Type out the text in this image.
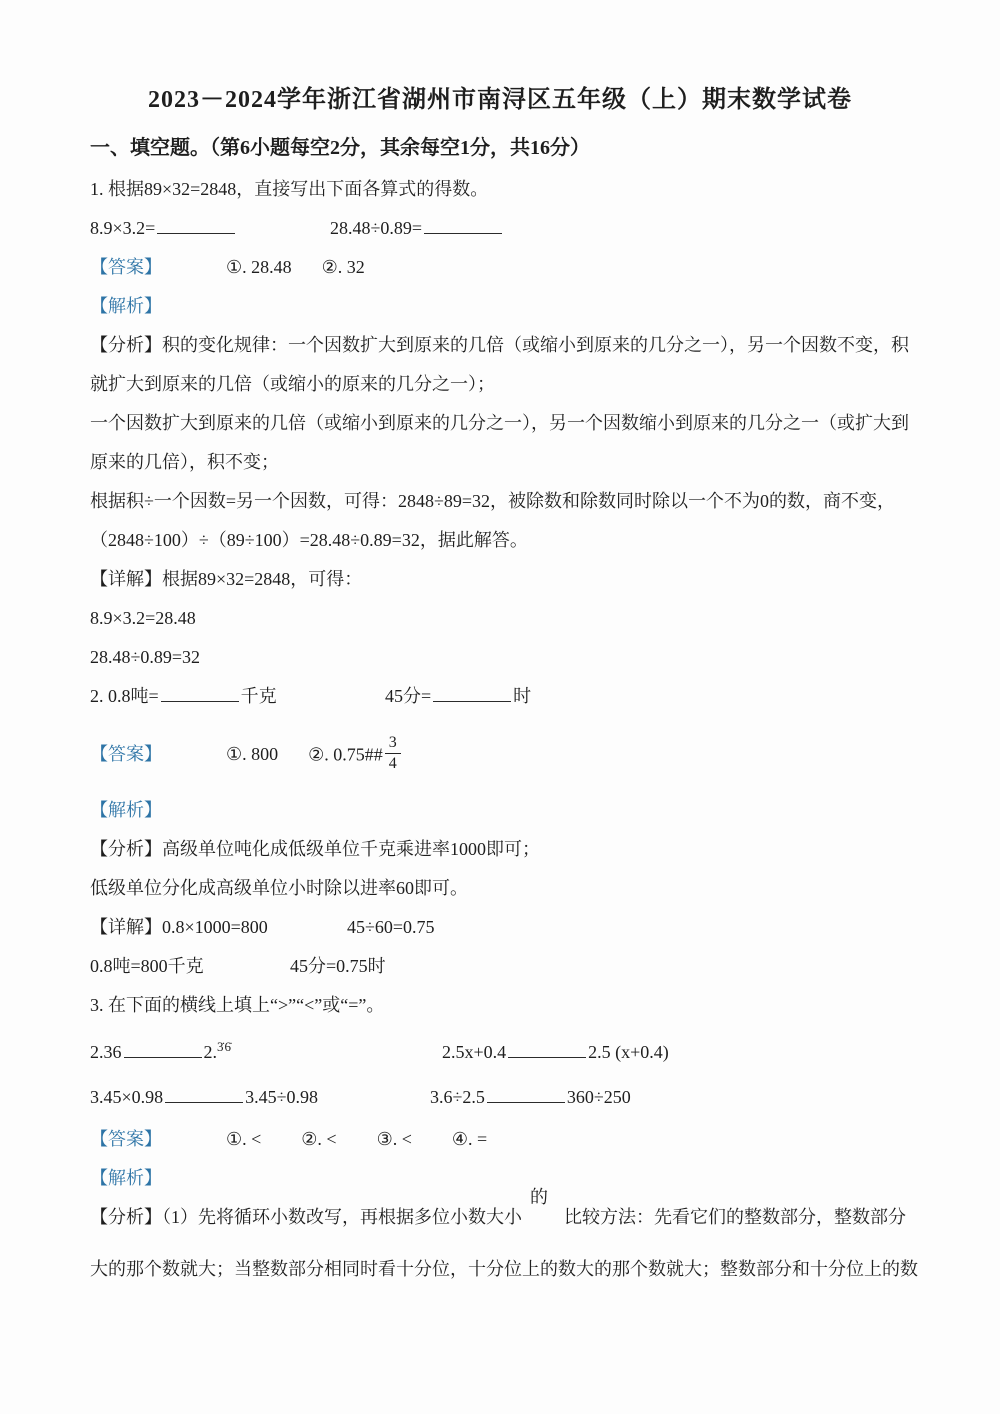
2023－2024学年浙江省湖州市南浔区五年级（上）期末数学试卷
一、填空题。（第6小题每空2分，其余每空1分，共16分）
1. 根据89×32=2848，直接写出下面各算式的得数。
8.9×3.2=	28.48÷0.89=
【答案】	①. 28.48 ②. 32
【解析】
【分析】积的变化规律：一个因数扩大到原来的几倍（或缩小到原来的几分之一），另一个因数不变，积
就扩大到原来的几倍（或缩小的原来的几分之一）；
一个因数扩大到原来的几倍（或缩小到原来的几分之一），另一个因数缩小到原来的几分之一（或扩大到
原来的几倍），积不变；
根据积÷一个因数=另一个因数，可得：2848÷89=32，被除数和除数同时除以一个不为0的数，商不变，
（2848÷100）÷（89÷100）=28.48÷0.89=32，据此解答。
【详解】根据89×32=2848，可得：
8.9×3.2=28.48
28.48÷0.89=32
2. 0.8吨=	千克	45分=	时
【答案】	①. 800 ②. 0.75## $\frac{3}{4}$
【解析】
【分析】高级单位吨化成低级单位千克乘进率1000即可；
低级单位分化成高级单位小时除以进率60即可。
【详解】0.8×1000=800	45÷60=0.75
0.8吨=800千克	45分=0.75时
3. 在下面的横线上填上“>”“<”或“=”。
2.36	2.$^{3̇6̇}$	2.5x+0.4	2.5 (x+0.4)
3.45×0.98	3.45÷0.98	3.6÷2.5	360÷250
【答案】	①. < ②. < ③. < ④. =
【解析】
【分析】（1）先将循环小数改写，再根据多位小数大小的比较方法：先看它们的整数部分，整数部分
大的那个数就大；当整数部分相同时看十分位，十分位上的数大的那个数就大；整数部分和十分位上的数
